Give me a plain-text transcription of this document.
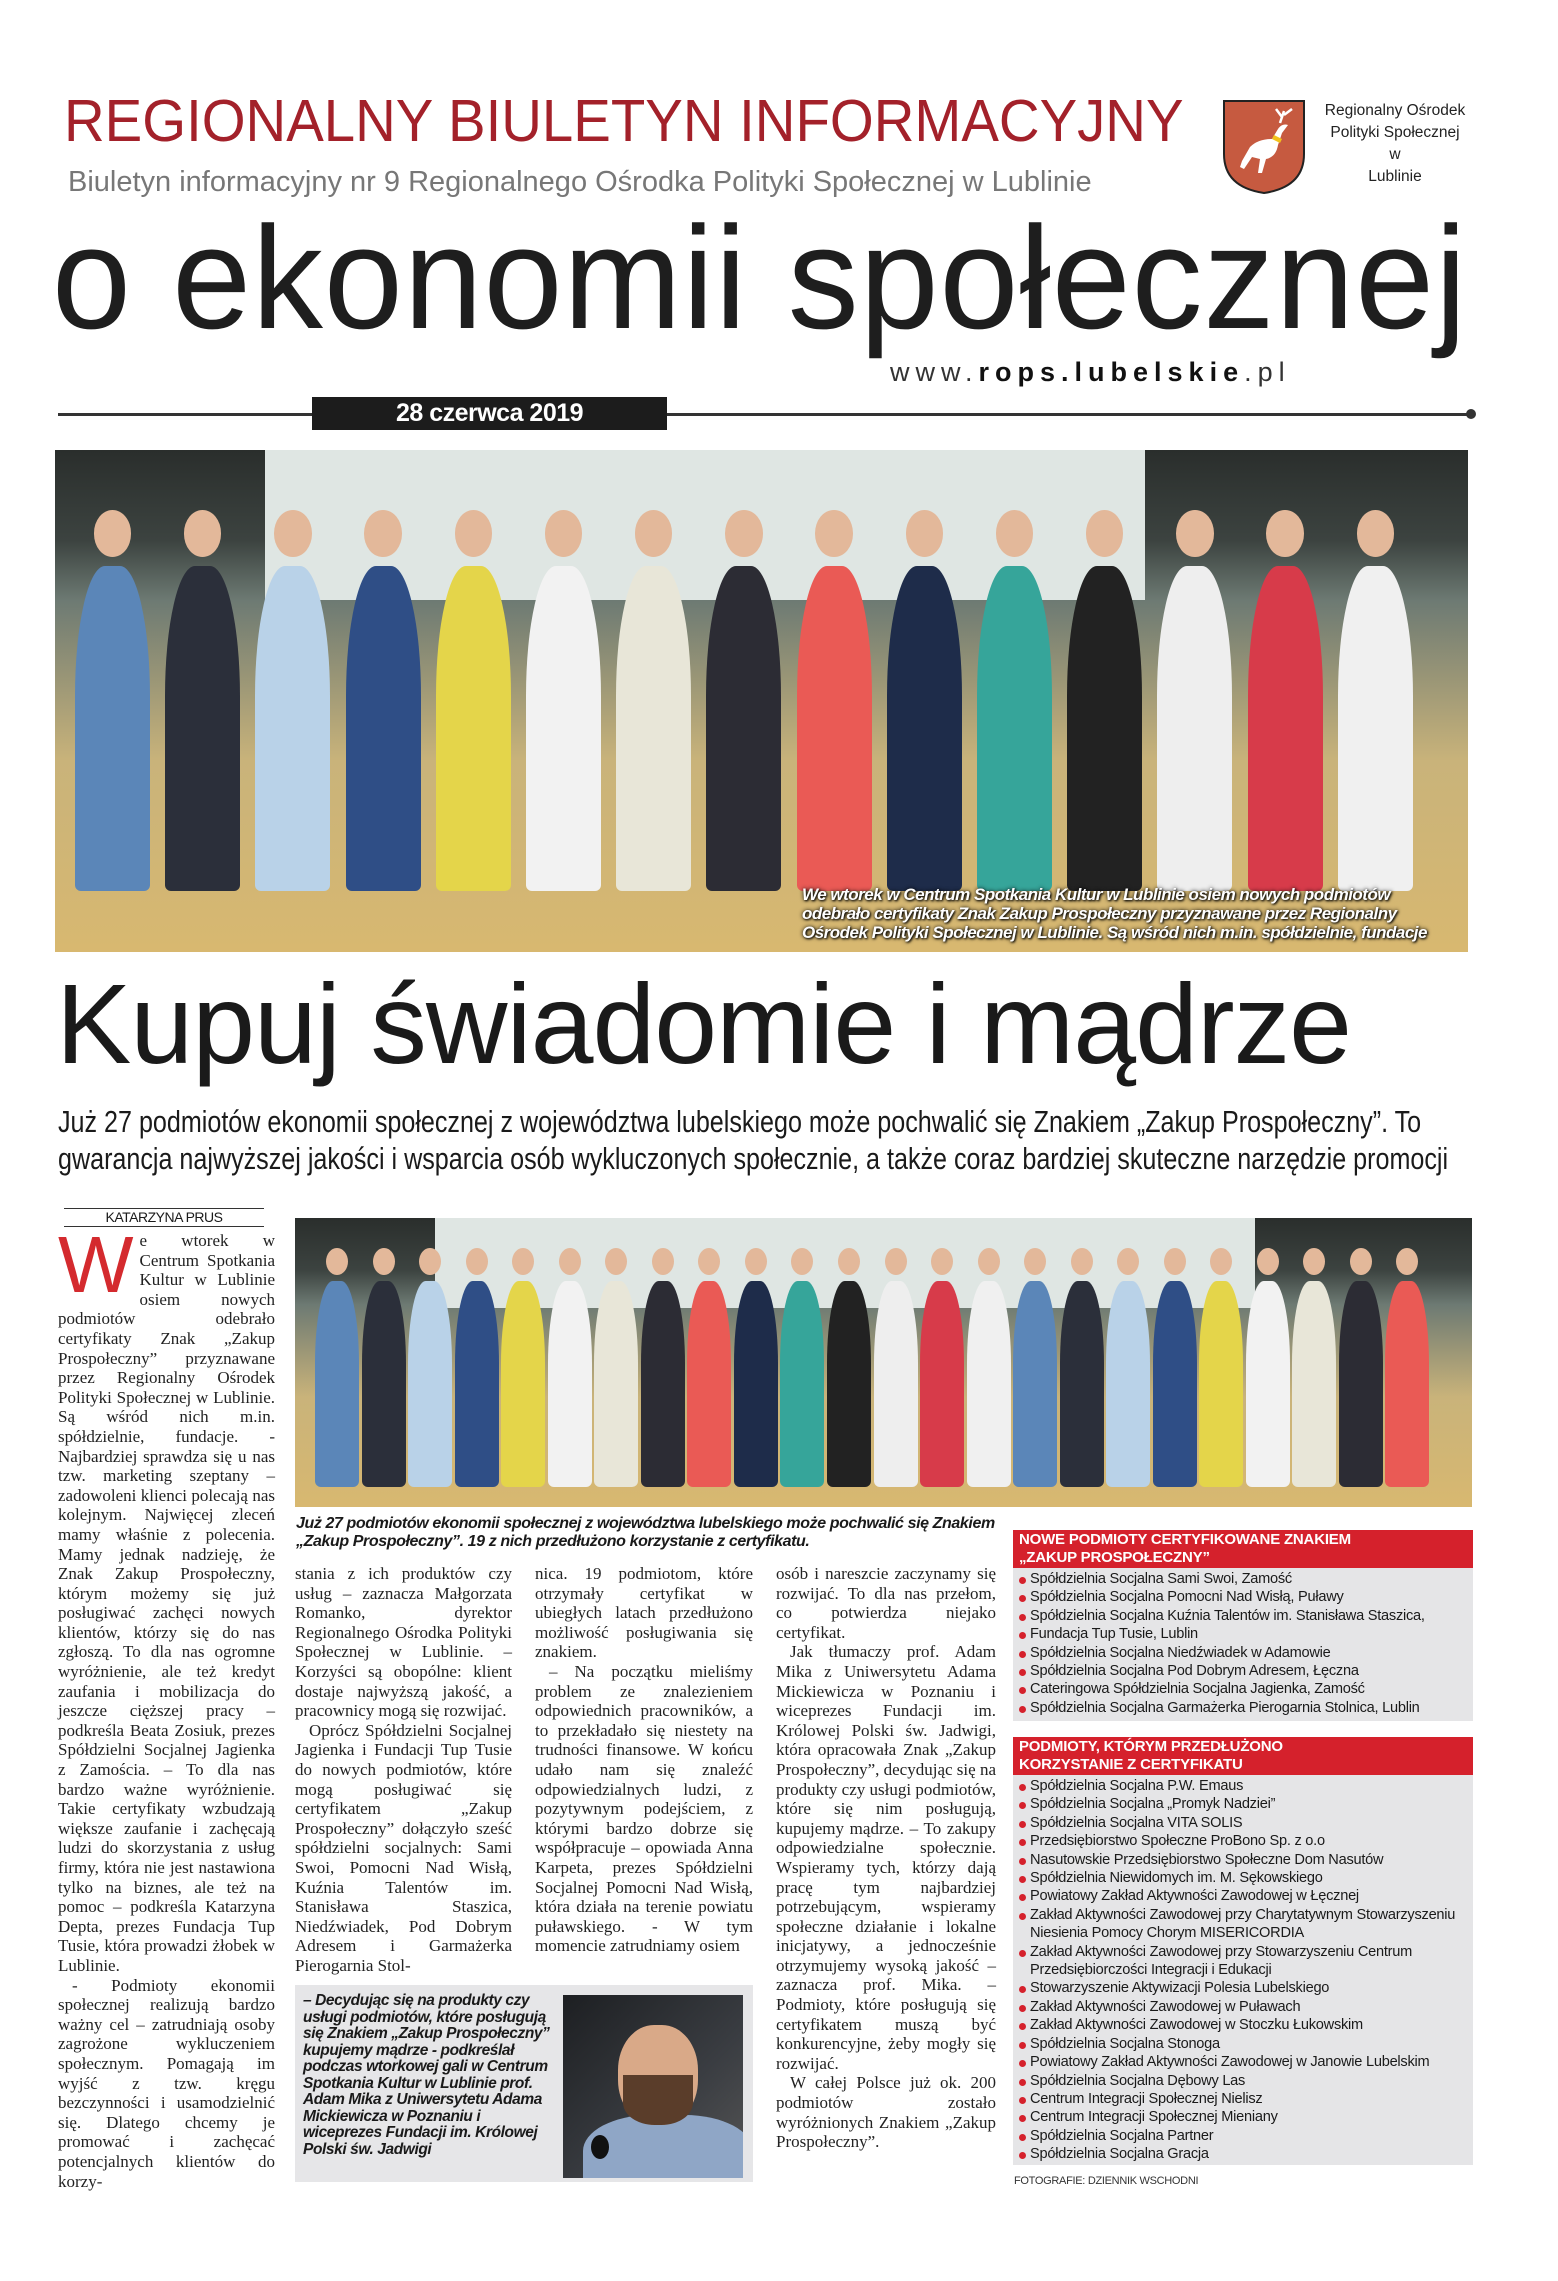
REGIONALNY BIULETYN INFORMACYJNY
Biuletyn informacyjny nr 9 Regionalnego Ośrodka Polityki Społecznej w Lublinie
Regionalny Ośrodek
Polityki Społecznej
w
Lublinie
o ekonomii społecznej
www.rops.lubelskie.pl
28 czerwca 2019
We wtorek w Centrum Spotkania Kultur w Lublinie osiem nowych podmiotów odebrało certyfikaty Znak Zakup Prospołeczny przyznawane przez Regionalny Ośrodek Polityki Społecznej w Lublinie. Są wśród nich m.in. spółdzielnie, fundacje
Kupuj świadomie i mądrze
Już 27 podmiotów ekonomii społecznej z województwa lubelskiego może pochwalić się Znakiem „Zakup Prospołeczny”. To gwarancja najwyższej jakości i wsparcia osób wykluczonych społecznie, a także coraz bardziej skuteczne narzędzie promocji
KATARZYNA PRUS

We wtorek w Centrum Spotkania Kultur w Lublinie osiem nowych podmiotów odebrało certyfikaty Znak „Zakup Prospołeczny” przyznawane przez Regionalny Ośrodek Polityki Społecznej w Lublinie. Są wśród nich m.in. spółdzielnie, fundacje. - Najbardziej sprawdza się u nas tzw. marketing szeptany – zadowoleni klienci polecają nas kolejnym. Najwięcej zleceń mamy właśnie z polecenia. Mamy jednak nadzieję, że Znak Zakup Prospołeczny, którym możemy się już posługiwać zachęci nowych klientów, którzy się do nas zgłoszą. To dla nas ogromne wyróżnienie, ale też kredyt zaufania i mobilizacja do jeszcze cięższej pracy – podkreśla Beata Zosiuk, prezes Spółdzielni Socjalnej Jagienka z Zamościa. – To dla nas bardzo ważne wyróżnienie. Takie certyfikaty wzbudzają większe zaufanie i zachęcają ludzi do skorzystania z usług firmy, która nie jest nastawiona tylko na biznes, ale też na pomoc – podkreśla Katarzyna Depta, prezes Fundacja Tup Tusie, która prowadzi żłobek w Lublinie.

- Podmioty ekonomii społecznej realizują bardzo ważny cel – zatrudniają osoby zagrożone wykluczeniem społecznym. Pomagają im wyjść z tzw. kręgu bezczynności i usamodzielnić się. Dlatego chcemy je promować i zachęcać potencjalnych klientów do korzy-

Już 27 podmiotów ekonomii społecznej z województwa lubelskiego może pochwalić się Znakiem „Zakup Prospołeczny”. 19 z nich przedłużono korzystanie z certyfikatu.

stania z ich produktów czy usług – zaznacza Małgorzata Romanko, dyrektor Regionalnego Ośrodka Polityki Społecznej w Lublinie. – Korzyści są obopólne: klient dostaje najwyższą jakość, a pracownicy mogą się rozwijać.

Oprócz Spółdzielni Socjalnej Jagienka i Fundacji Tup Tusie do nowych podmiotów, które mogą posługiwać się certyfikatem „Zakup Prospołeczny” dołączyło sześć spółdzielni socjalnych: Sami Swoi, Pomocni Nad Wisłą, Kuźnia Talentów im. Stanisława Staszica, Niedźwiadek, Pod Dobrym Adresem i Garmażerka Pierogarnia Stol-

nica. 19 podmiotom, które otrzymały certyfikat w ubiegłych latach przedłużono możliwość posługiwania się znakiem.

– Na początku mieliśmy problem ze znalezieniem odpowiednich pracowników, a to przekładało się niestety na trudności finansowe. W końcu udało nam się znaleźć odpowiedzialnych ludzi, z pozytywnym podejściem, z którymi bardzo dobrze się współpracuje – opowiada Anna Karpeta, prezes Spółdzielni Socjalnej Pomocni Nad Wisłą, która działa na terenie powiatu puławskiego. - W tym momencie zatrudniamy osiem

osób i nareszcie zaczynamy się rozwijać. To dla nas przełom, co potwierdza niejako certyfikat.

Jak tłumaczy prof. Adam Mika z Uniwersytetu Adama Mickiewicza w Poznaniu i wiceprezes Fundacji im. Królowej Polski św. Jadwigi, która opracowała Znak „Zakup Prospołeczny”, decydując się na produkty czy usługi podmiotów, które się nim posługują, kupujemy mądrze. – To zakupy odpowiedzialne społecznie. Wspieramy tych, którzy dają pracę tym najbardziej potrzebującym, wspieramy społeczne działanie i lokalne inicjatywy, a jednocześnie otrzymujemy wysoką jakość – zaznacza prof. Mika. – Podmioty, które posługują się certyfikatem muszą być konkurencyjne, żeby mogły się rozwijać.

W całej Polsce już ok. 200 podmiotów zostało wyróżnionych Znakiem „Zakup Prospołeczny”.

– Decydując się na produkty czy usługi podmiotów, które posługują się Znakiem „Zakup Prospołeczny” kupujemy mądrze - podkreślał podczas wtorkowej gali w Centrum Spotkania Kultur w Lublinie prof. Adam Mika z Uniwersytetu Adama Mickiewicza w Poznaniu i wiceprezes Fundacji im. Królowej Polski św. Jadwigi
NOWE PODMIOTY CERTYFIKOWANE ZNAKIEM
„ZAKUP PROSPOŁECZNY”
Spółdzielnia Socjalna Sami Swoi, Zamość
Spółdzielnia Socjalna Pomocni Nad Wisłą, Puławy
Spółdzielnia Socjalna Kuźnia Talentów im. Stanisława Staszica,
Fundacja Tup Tusie, Lublin
Spółdzielnia Socjalna Niedźwiadek w Adamowie
Spółdzielnia Socjalna Pod Dobrym Adresem, Łęczna
Cateringowa Spółdzielnia Socjalna Jagienka, Zamość
Spółdzielnia Socjalna Garmażerka Pierogarnia Stolnica, Lublin
PODMIOTY, KTÓRYM PRZEDŁUŻONO
KORZYSTANIE Z CERTYFIKATU
Spółdzielnia Socjalna P.W. Emaus
Spółdzielnia Socjalna „Promyk Nadziei”
Spółdzielnia Socjalna VITA SOLIS
Przedsiębiorstwo Społeczne ProBono Sp. z o.o
Nasutowskie Przedsiębiorstwo Społeczne Dom Nasutów
Spółdzielnia Niewidomych im. M. Sękowskiego
Powiatowy Zakład Aktywności Zawodowej w Łęcznej
Zakład Aktywności Zawodowej przy Charytatywnym Stowarzyszeniu Niesienia Pomocy Chorym MISERICORDIA
Zakład Aktywności Zawodowej przy Stowarzyszeniu Centrum Przedsiębiorczości Integracji i Edukacji
Stowarzyszenie Aktywizacji Polesia Lubelskiego
Zakład Aktywności Zawodowej w Puławach
Zakład Aktywności Zawodowej w Stoczku Łukowskim
Spółdzielnia Socjalna Stonoga
Powiatowy Zakład Aktywności Zawodowej w Janowie Lubelskim
Spółdzielnia Socjalna Dębowy Las
Centrum Integracji Społecznej Nielisz
Centrum Integracji Społecznej Mieniany
Spółdzielnia Socjalna Partner
Spółdzielnia Socjalna Gracja
FOTOGRAFIE: DZIENNIK WSCHODNI
